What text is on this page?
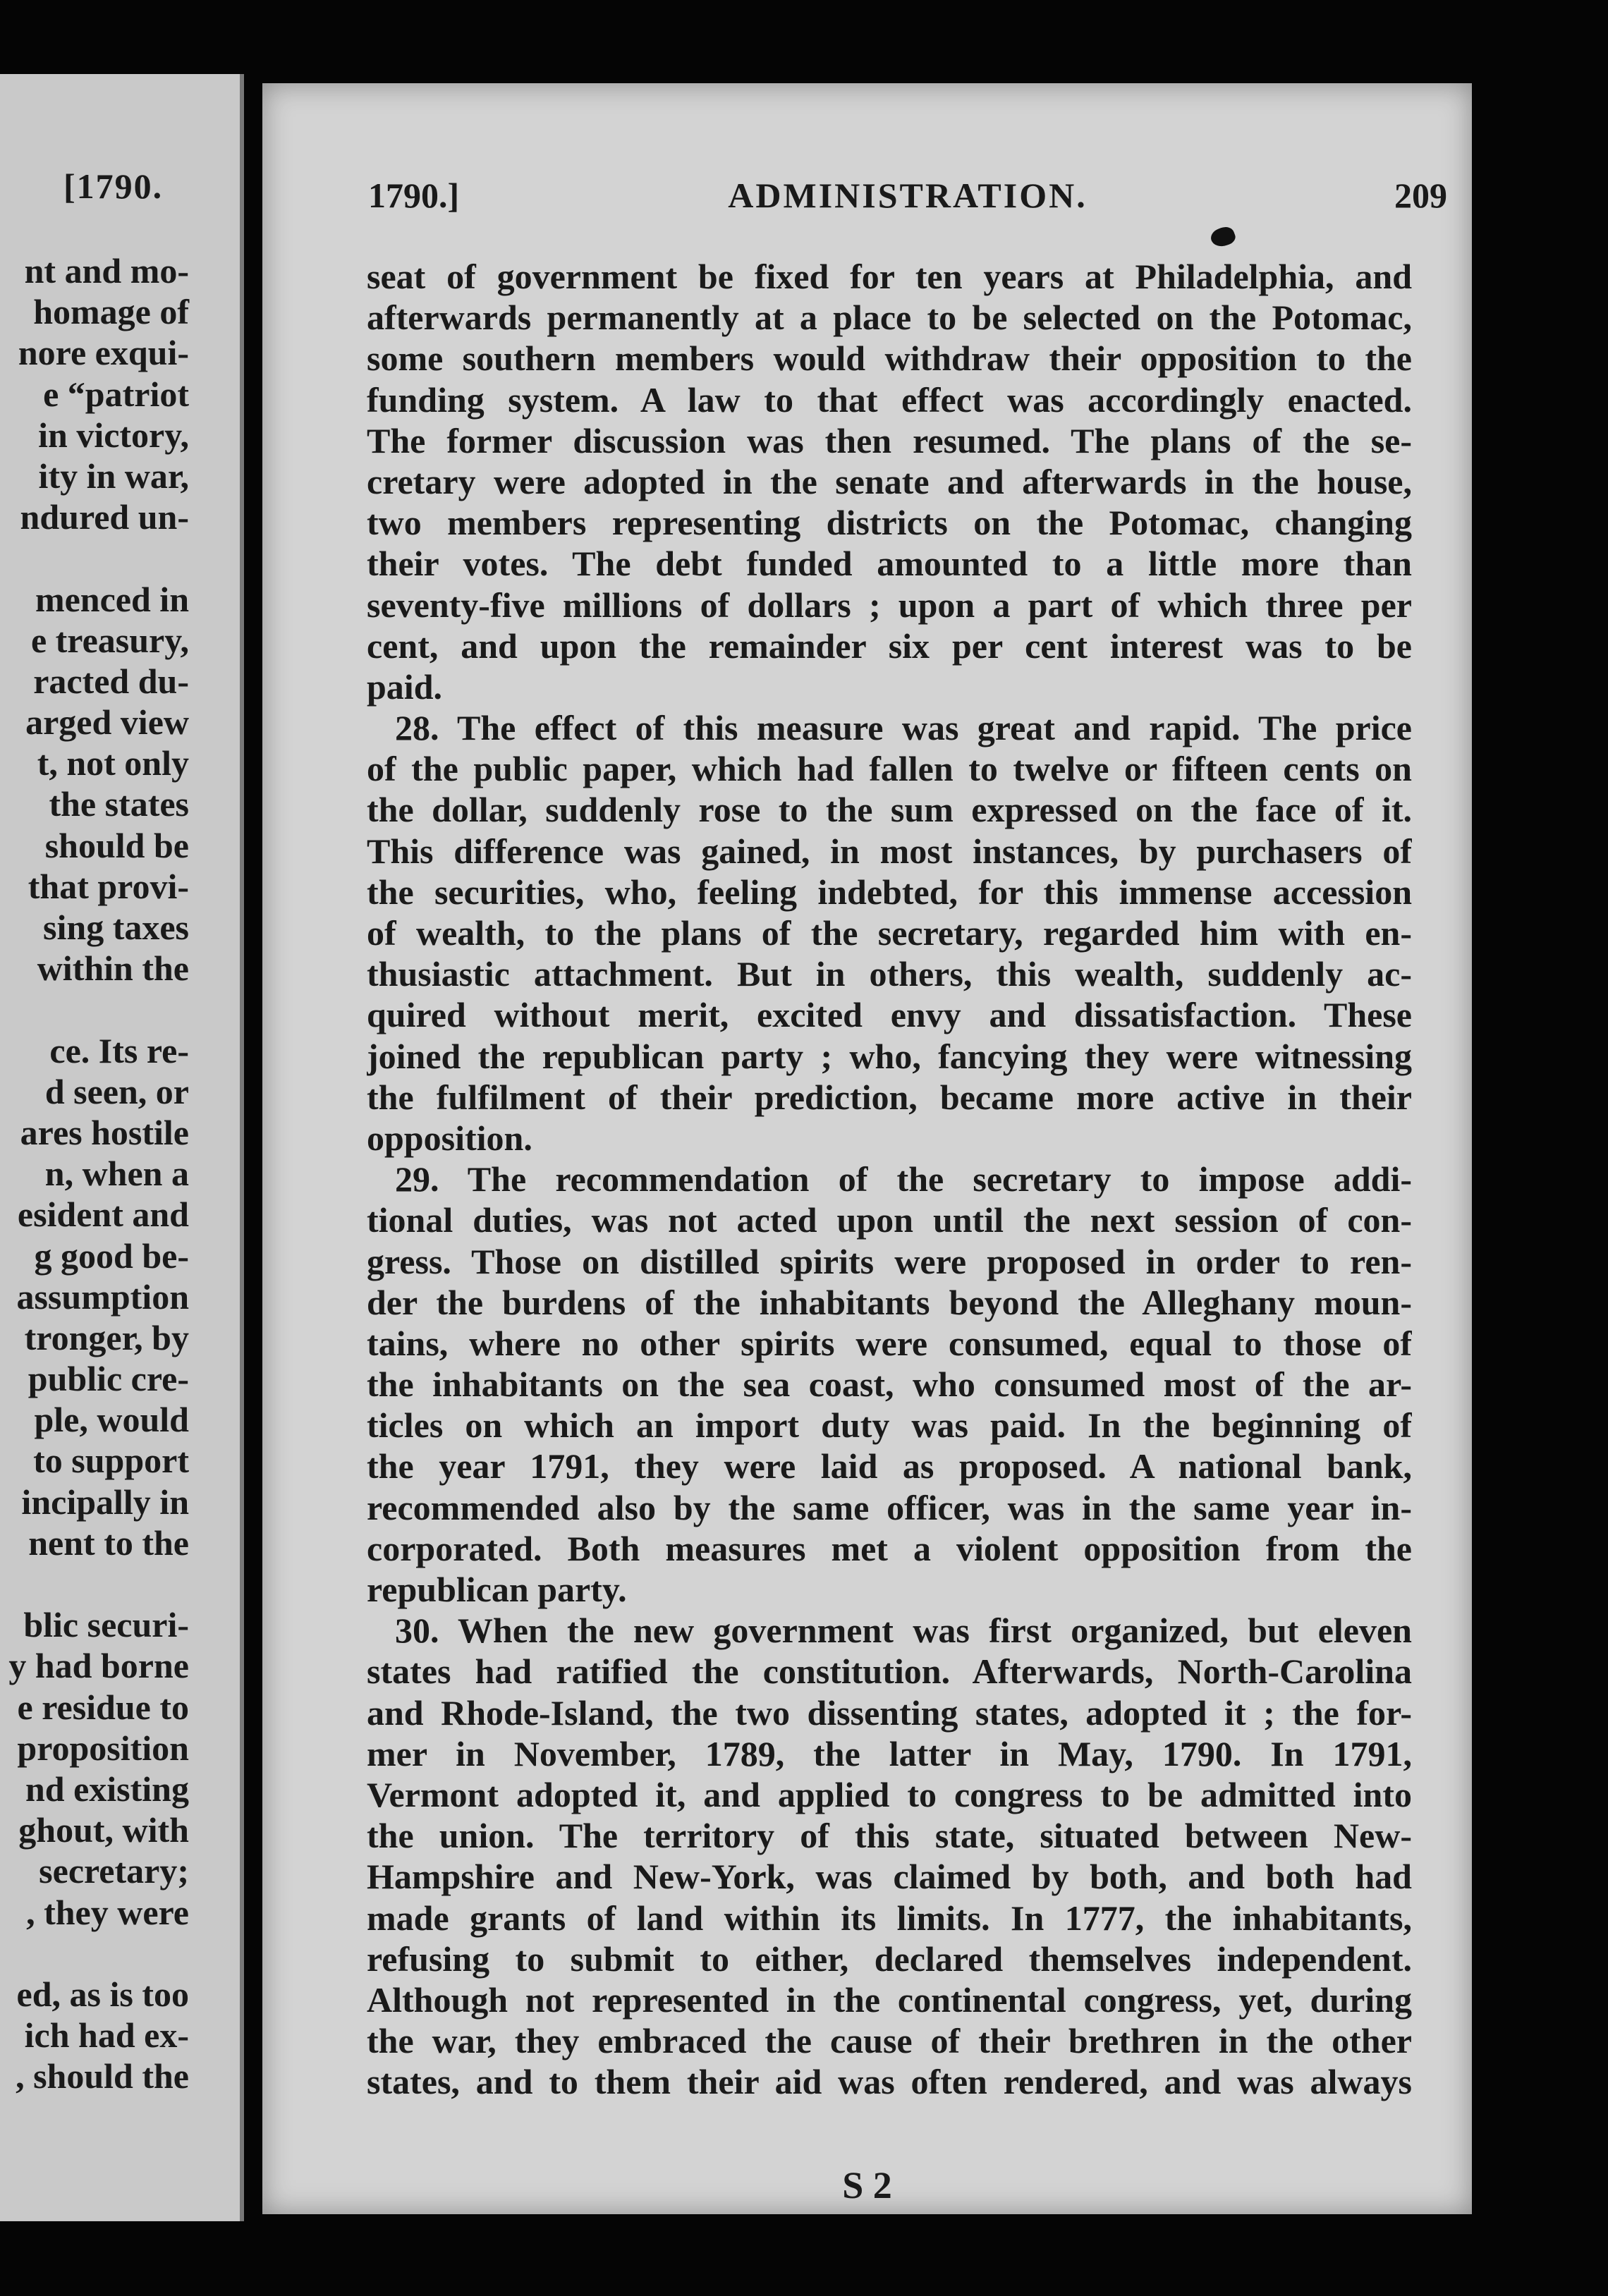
[1790.
nt and mo-
homage of
nore exqui-
e “patriot
in victory,
ity in war,
ndured un-
menced in
e treasury,
racted du-
arged view
t, not only
the states
should be
that provi-
sing taxes
within the
ce. Its re-
d seen, or
ares hostile
n, when a
esident and
g good be-
assumption
tronger, by
public cre-
ple, would
to support
incipally in
nent to the
blic securi-
y had borne
e residue to
proposition
nd existing
ghout, with
secretary;
, they were
ed, as is too
ich had ex-
, should the
1790.]	ADMINISTRATION.	209
seat of government be fixed for ten years at Philadelphia, and
afterwards permanently at a place to be selected on the Potomac,
some southern members would withdraw their opposition to the
funding system. A law to that effect was accordingly enacted.
The former discussion was then resumed. The plans of the se-
cretary were adopted in the senate and afterwards in the house,
two members representing districts on the Potomac, changing
their votes. The debt funded amounted to a little more than
seventy-five millions of dollars ; upon a part of which three per
cent, and upon the remainder six per cent interest was to be
paid.
28. The effect of this measure was great and rapid. The price
of the public paper, which had fallen to twelve or fifteen cents on
the dollar, suddenly rose to the sum expressed on the face of it.
This difference was gained, in most instances, by purchasers of
the securities, who, feeling indebted, for this immense accession
of wealth, to the plans of the secretary, regarded him with en-
thusiastic attachment. But in others, this wealth, suddenly ac-
quired without merit, excited envy and dissatisfaction. These
joined the republican party ; who, fancying they were witnessing
the fulfilment of their prediction, became more active in their
opposition.
29. The recommendation of the secretary to impose addi-
tional duties, was not acted upon until the next session of con-
gress. Those on distilled spirits were proposed in order to ren-
der the burdens of the inhabitants beyond the Alleghany moun-
tains, where no other spirits were consumed, equal to those of
the inhabitants on the sea coast, who consumed most of the ar-
ticles on which an import duty was paid. In the beginning of
the year 1791, they were laid as proposed. A national bank,
recommended also by the same officer, was in the same year in-
corporated. Both measures met a violent opposition from the
republican party.
30. When the new government was first organized, but eleven
states had ratified the constitution. Afterwards, North-Carolina
and Rhode-Island, the two dissenting states, adopted it ; the for-
mer in November, 1789, the latter in May, 1790. In 1791,
Vermont adopted it, and applied to congress to be admitted into
the union. The territory of this state, situated between New-
Hampshire and New-York, was claimed by both, and both had
made grants of land within its limits. In 1777, the inhabitants,
refusing to submit to either, declared themselves independent.
Although not represented in the continental congress, yet, during
the war, they embraced the cause of their brethren in the other
states, and to them their aid was often rendered, and was always
S 2
